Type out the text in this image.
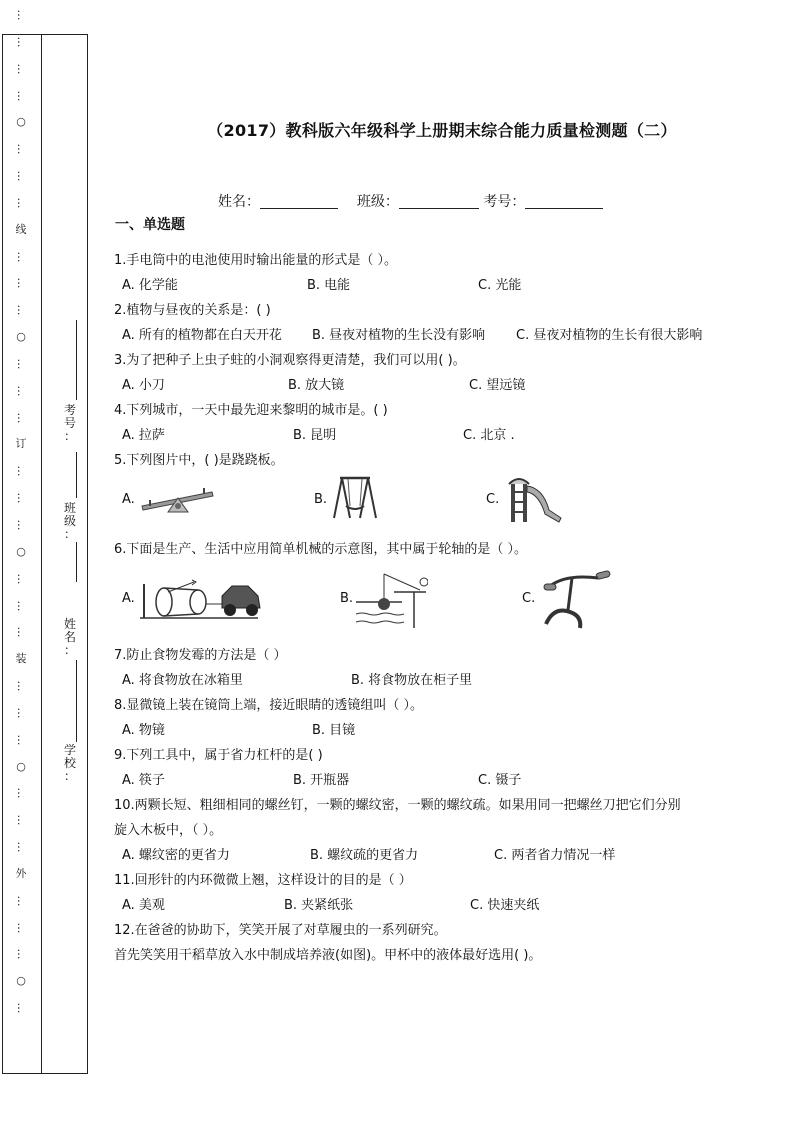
…
…
…
…
○
…
…
…
线
…
…
…
○
…
…
…
订
…
…
…
○
…
…
…
装
…
…
…
○
…
…
…
外
…
…
…
○
…
考
号
：
班
级
：
姓
名
：
学
校
：
（2017）教科版六年级科学上册期末综合能力质量检测题（二）
姓名：	班级：	考号：
一、单选题
1.手电筒中的电池使用时输出能量的形式是（ ）。
A. 化学能	B. 电能	C. 光能
2.植物与昼夜的关系是：( )
A. 所有的植物都在白天开花 B. 昼夜对植物的生长没有影响 C. 昼夜对植物的生长有很大影响
3.为了把种子上虫子蛀的小洞观察得更清楚，我们可以用( )。
A. 小刀	B. 放大镜	C. 望远镜
4.下列城市，一天中最先迎来黎明的城市是。( )
A. 拉萨	B. 昆明	C. 北京 .
5.下列图片中，( )是跷跷板。
A.	B.	C.
6.下面是生产、生活中应用简单机械的示意图，其中属于轮轴的是（ ）。
A.	B.	C.
7.防止食物发霉的方法是（ ）
A. 将食物放在冰箱里	B. 将食物放在柜子里
8.显微镜上装在镜筒上端，接近眼睛的透镜组叫（ ）。
A. 物镜	B. 目镜
9.下列工具中，属于省力杠杆的是( )
A. 筷子	B. 开瓶器	C. 镊子
10.两颗长短、粗细相同的螺丝钉，一颗的螺纹密，一颗的螺纹疏。如果用同一把螺丝刀把它们分别
旋入木板中，（ ）。
A. 螺纹密的更省力	B. 螺纹疏的更省力	C. 两者省力情况一样
11.回形针的内环微微上翘，这样设计的目的是（ ）
A. 美观	B. 夹紧纸张	C. 快速夹纸
12.在爸爸的协助下，笑笑开展了对草履虫的一系列研究。
首先笑笑用干稻草放入水中制成培养液(如图)。甲杯中的液体最好选用( )。
